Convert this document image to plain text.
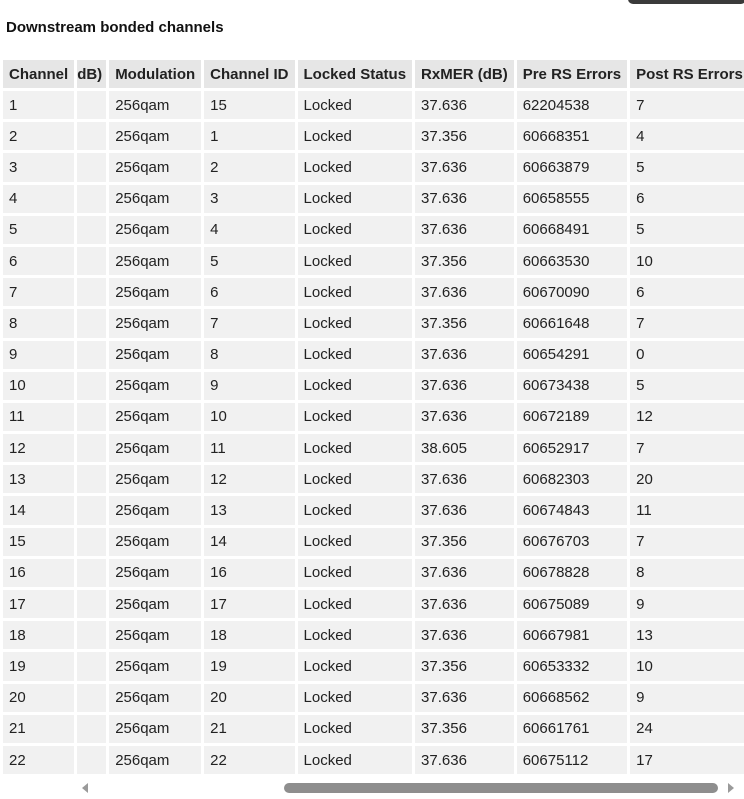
Downstream bonded channels
Channel	dB)	Modulation	Channel ID	Locked Status	RxMER (dB)	Pre RS Errors	Post RS Errors
1		256qam	15	Locked	37.636	62204538	7
2		256qam	1	Locked	37.356	60668351	4
3		256qam	2	Locked	37.636	60663879	5
4		256qam	3	Locked	37.636	60658555	6
5		256qam	4	Locked	37.636	60668491	5
6		256qam	5	Locked	37.356	60663530	10
7		256qam	6	Locked	37.636	60670090	6
8		256qam	7	Locked	37.356	60661648	7
9		256qam	8	Locked	37.636	60654291	0
10		256qam	9	Locked	37.636	60673438	5
11		256qam	10	Locked	37.636	60672189	12
12		256qam	11	Locked	38.605	60652917	7
13		256qam	12	Locked	37.636	60682303	20
14		256qam	13	Locked	37.636	60674843	11
15		256qam	14	Locked	37.356	60676703	7
16		256qam	16	Locked	37.636	60678828	8
17		256qam	17	Locked	37.636	60675089	9
18		256qam	18	Locked	37.636	60667981	13
19		256qam	19	Locked	37.356	60653332	10
20		256qam	20	Locked	37.636	60668562	9
21		256qam	21	Locked	37.356	60661761	24
22		256qam	22	Locked	37.636	60675112	17
